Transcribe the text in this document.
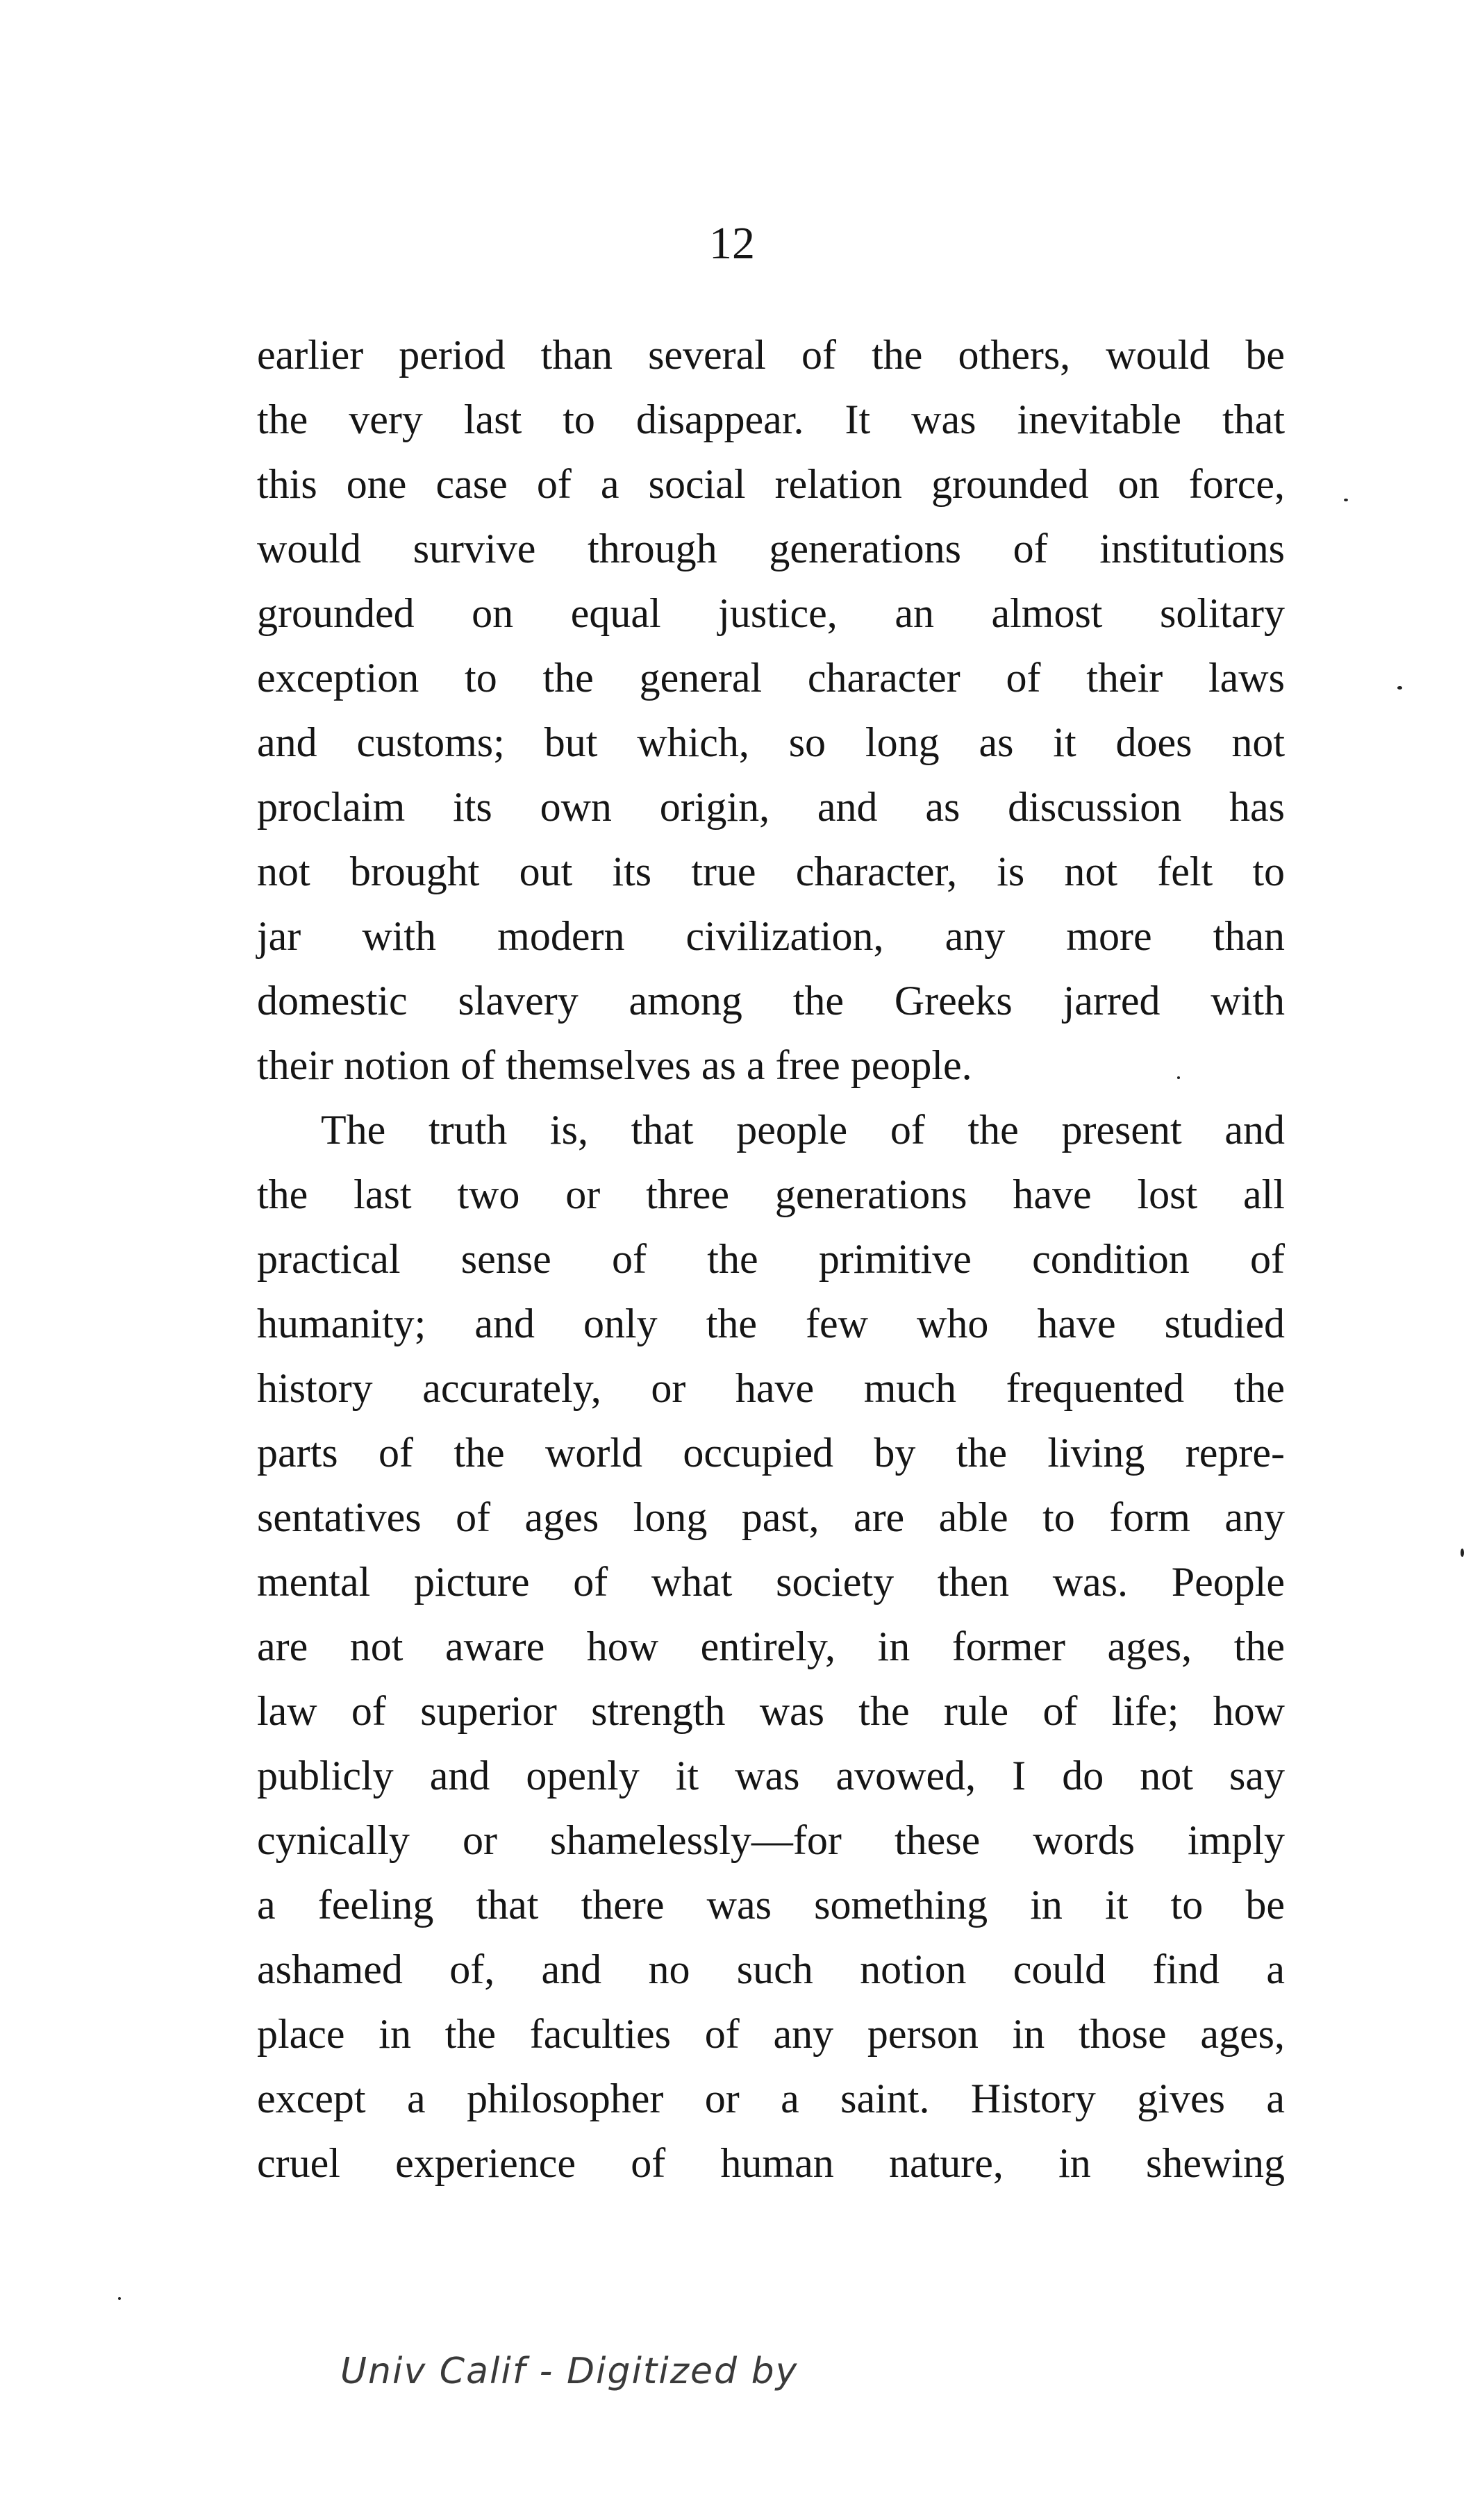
12
earlier period than several of the others, would be
the very last to disappear. It was inevitable that
this one case of a social relation grounded on force,
would survive through generations of institutions
grounded on equal justice, an almost solitary
exception to the general character of their laws
and customs; but which, so long as it does not
proclaim its own origin, and as discussion has
not brought out its true character, is not felt to
jar with modern civilization, any more than
domestic slavery among the Greeks jarred with
their notion of themselves as a free people.
The truth is, that people of the present and
the last two or three generations have lost all
practical sense of the primitive condition of
humanity; and only the few who have studied
history accurately, or have much frequented the
parts of the world occupied by the living repre-
sentatives of ages long past, are able to form any
mental picture of what society then was. People
are not aware how entirely, in former ages, the
law of superior strength was the rule of life; how
publicly and openly it was avowed, I do not say
cynically or shamelessly—for these words imply
a feeling that there was something in it to be
ashamed of, and no such notion could find a
place in the faculties of any person in those ages,
except a philosopher or a saint. History gives a
cruel experience of human nature, in shewing
Univ Calif - Digitized by
